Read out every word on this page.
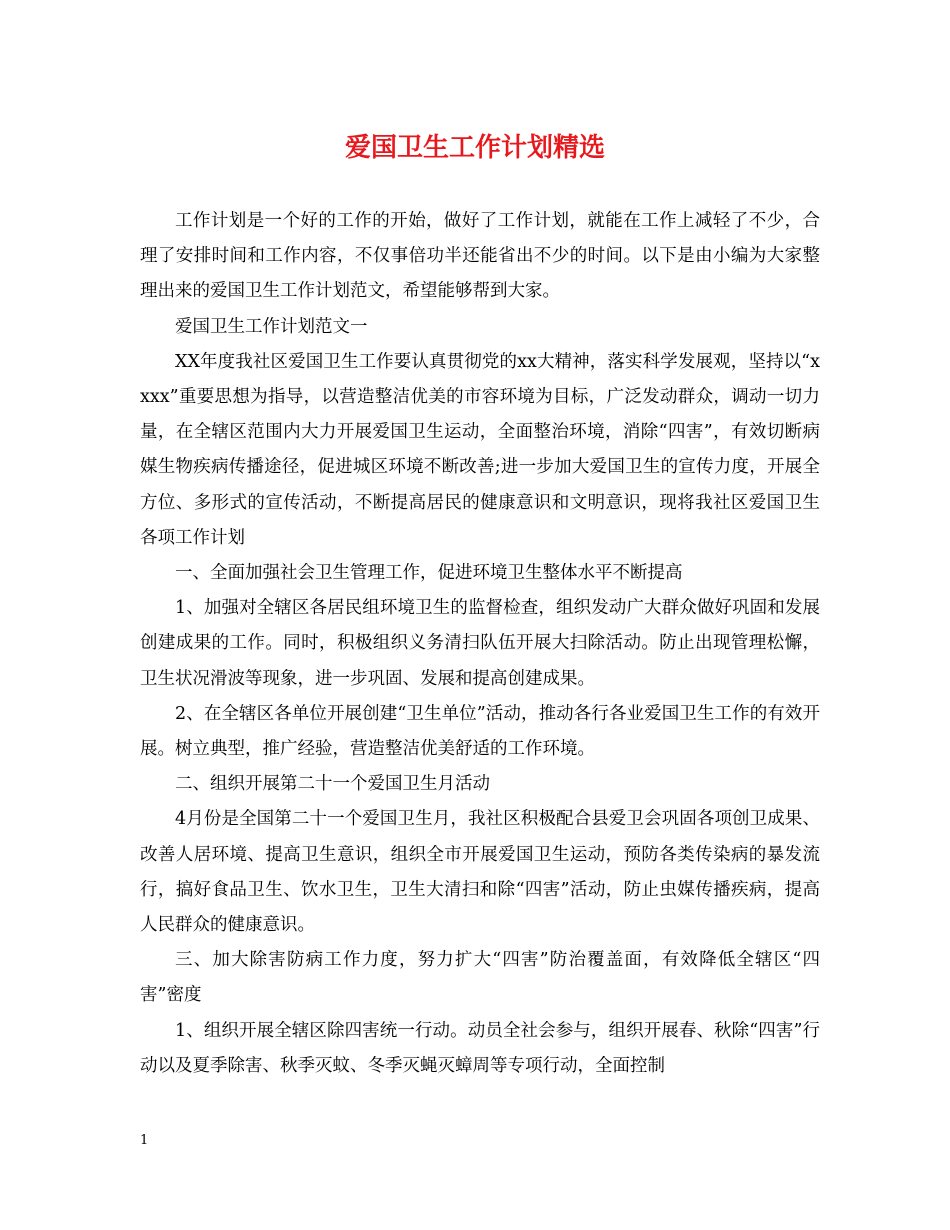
爱国卫生工作计划精选

工作计划是一个好的工作的开始，做好了工作计划，就能在工作上减轻了不少，合理了安排时间和工作内容，不仅事倍功半还能省出不少的时间。以下是由小编为大家整理出来的爱国卫生工作计划范文，希望能够帮到大家。

爱国卫生工作计划范文一

XX年度我社区爱国卫生工作要认真贯彻党的xx大精神，落实科学发展观，坚持以“xxxx”重要思想为指导，以营造整洁优美的市容环境为目标，广泛发动群众，调动一切力量，在全辖区范围内大力开展爱国卫生运动，全面整治环境，消除“四害”，有效切断病媒生物疾病传播途径，促进城区环境不断改善;进一步加大爱国卫生的宣传力度，开展全方位、多形式的宣传活动，不断提高居民的健康意识和文明意识，现将我社区爱国卫生各项工作计划

一、全面加强社会卫生管理工作，促进环境卫生整体水平不断提高

1、加强对全辖区各居民组环境卫生的监督检查，组织发动广大群众做好巩固和发展创建成果的工作。同时，积极组织义务清扫队伍开展大扫除活动。防止出现管理松懈，卫生状况滑波等现象，进一步巩固、发展和提高创建成果。

2、在全辖区各单位开展创建“卫生单位”活动，推动各行各业爱国卫生工作的有效开展。树立典型，推广经验，营造整洁优美舒适的工作环境。

二、组织开展第二十一个爱国卫生月活动

4月份是全国第二十一个爱国卫生月，我社区积极配合县爱卫会巩固各项创卫成果、改善人居环境、提高卫生意识，组织全市开展爱国卫生运动，预防各类传染病的暴发流行，搞好食品卫生、饮水卫生，卫生大清扫和除“四害”活动，防止虫媒传播疾病，提高人民群众的健康意识。

三、加大除害防病工作力度，努力扩大“四害”防治覆盖面，有效降低全辖区“四害”密度

1、组织开展全辖区除四害统一行动。动员全社会参与，组织开展春、秋除“四害”行动以及夏季除害、秋季灭蚊、冬季灭蝇灭蟑周等专项行动，全面控制

1
